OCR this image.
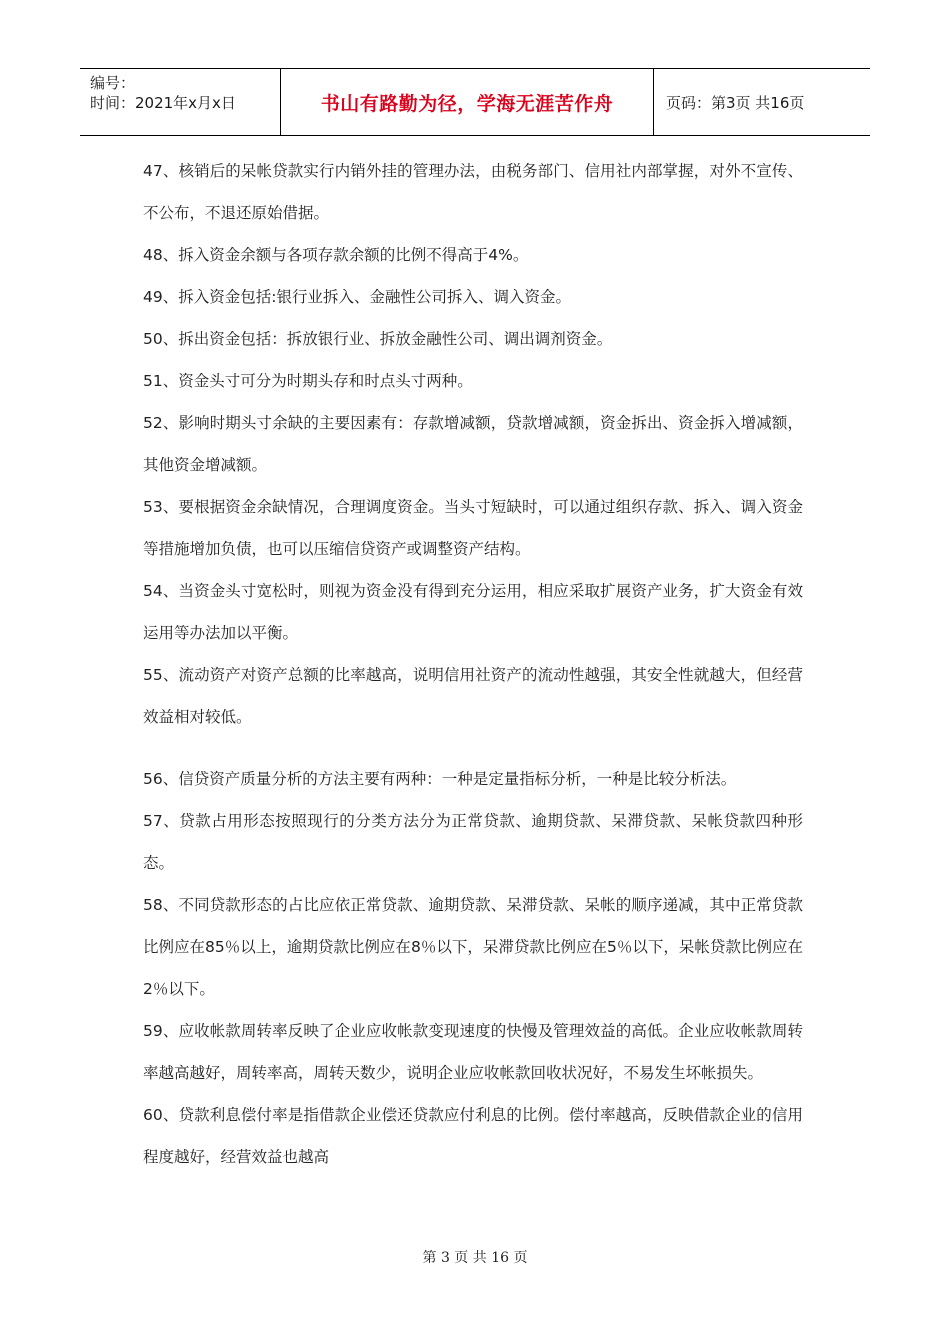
编号：
时间：2021年x月x日	书山有路勤为径，学海无涯苦作舟	页码：第3页 共16页

47、核销后的呆帐贷款实行内销外挂的管理办法，由税务部门、信用社内部掌握，对外不宣传、不公布，不退还原始借据。

48、拆入资金余额与各项存款余额的比例不得高于4%。

49、拆入资金包括:银行业拆入、金融性公司拆入、调入资金。

50、拆出资金包括：拆放银行业、拆放金融性公司、调出调剂资金。

51、资金头寸可分为时期头存和时点头寸两种。

52、影响时期头寸余缺的主要因素有：存款增减额，贷款增减额，资金拆出、资金拆入增减额，其他资金增减额。

53、要根据资金余缺情况，合理调度资金。当头寸短缺时，可以通过组织存款、拆入、调入资金等措施增加负债，也可以压缩信贷资产或调整资产结构。

54、当资金头寸宽松时，则视为资金没有得到充分运用，相应采取扩展资产业务，扩大资金有效运用等办法加以平衡。

55、流动资产对资产总额的比率越高，说明信用社资产的流动性越强，其安全性就越大，但经营效益相对较低。

56、信贷资产质量分析的方法主要有两种：一种是定量指标分析，一种是比较分析法。

57、贷款占用形态按照现行的分类方法分为正常贷款、逾期贷款、呆滞贷款、呆帐贷款四种形态。

58、不同贷款形态的占比应依正常贷款、逾期贷款、呆滞贷款、呆帐的顺序递减，其中正常贷款比例应在85％以上，逾期贷款比例应在8％以下，呆滞贷款比例应在5％以下，呆帐贷款比例应在2％以下。

59、应收帐款周转率反映了企业应收帐款变现速度的快慢及管理效益的高低。企业应收帐款周转率越高越好，周转率高，周转天数少，说明企业应收帐款回收状况好，不易发生坏帐损失。

60、贷款利息偿付率是指借款企业偿还贷款应付利息的比例。偿付率越高，反映借款企业的信用程度越好，经营效益也越高

第 3 页 共 16 页
